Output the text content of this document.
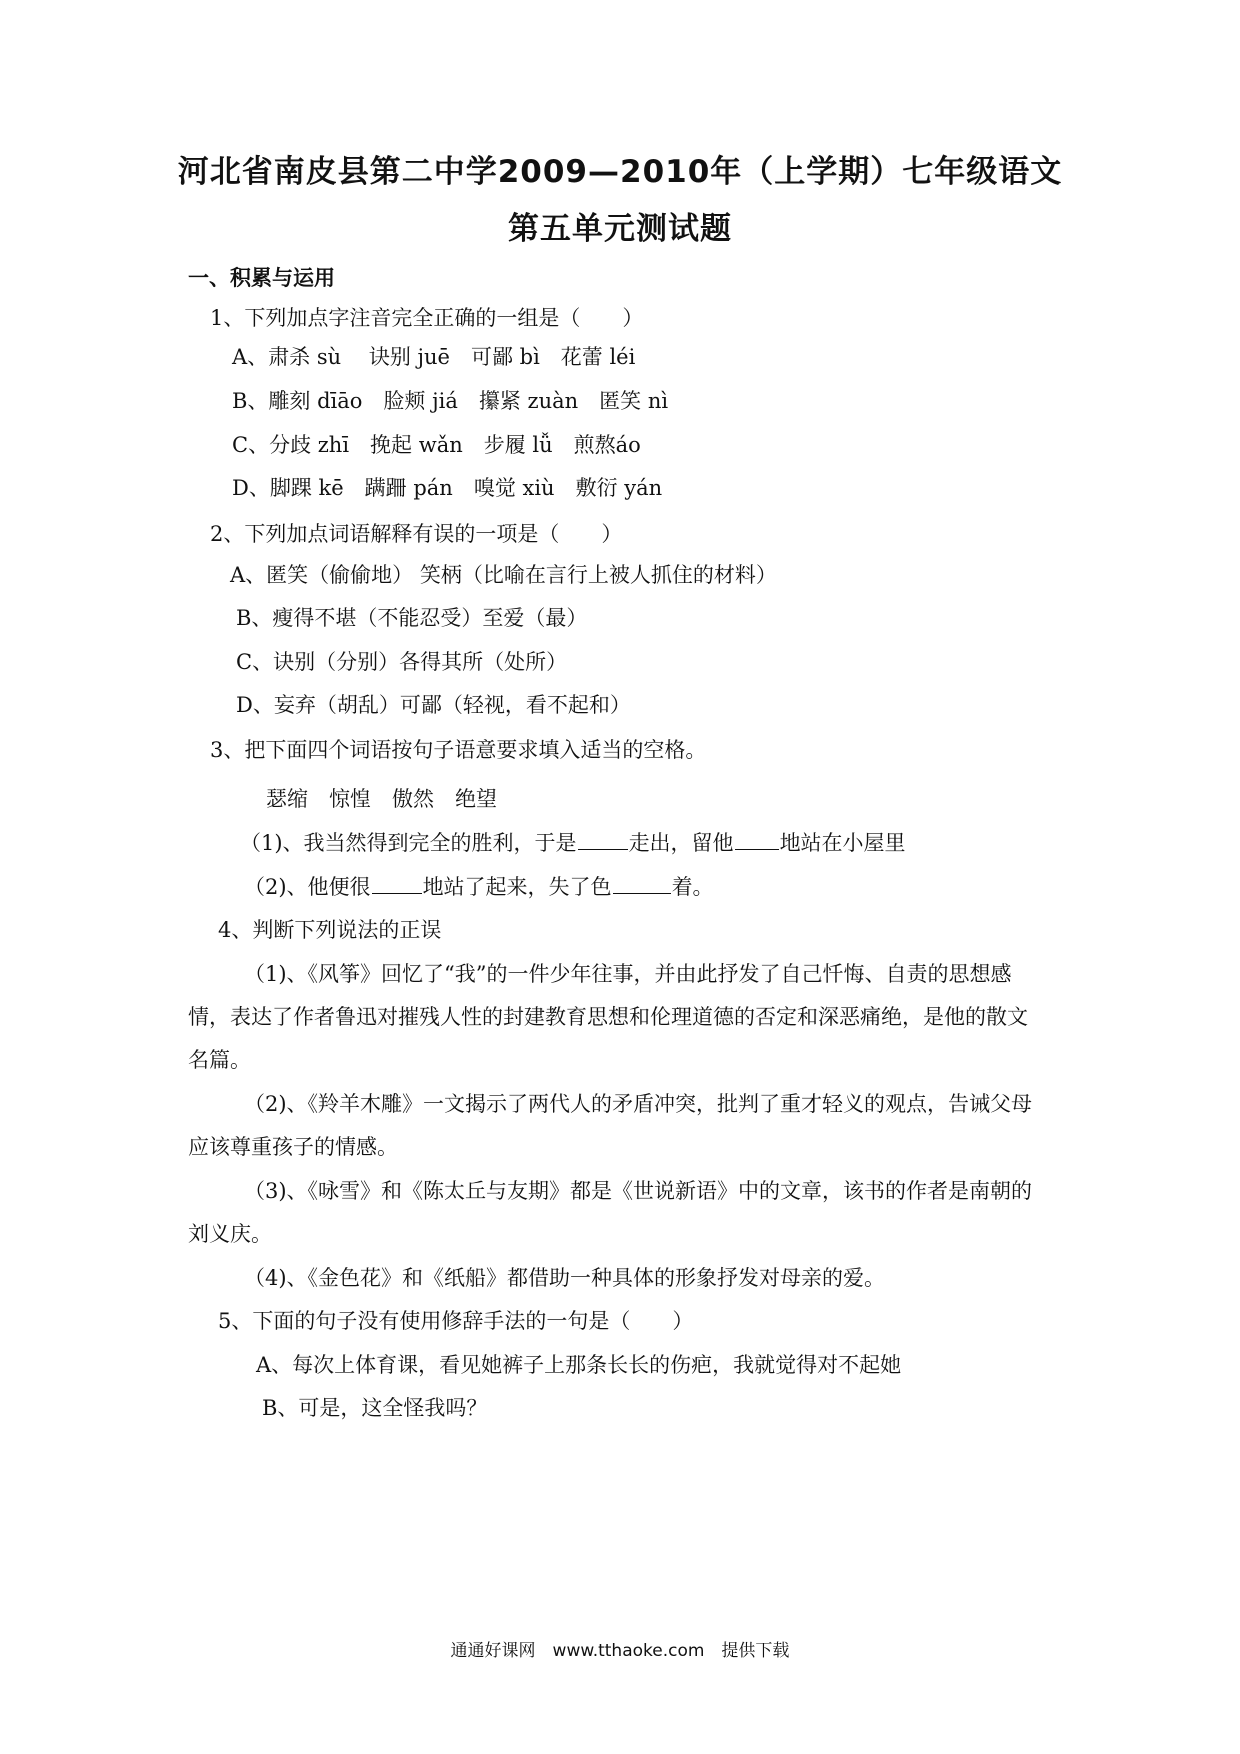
河北省南皮县第二中学2009—2010年（上学期）七年级语文
第五单元测试题
一、积累与运用
1、下列加点字注音完全正确的一组是（　　）
A、肃杀 sù　 诀别 juē　可鄙 bì　花蕾 léi
B、雕刻 dīāo　脸颊 jiá　攥紧 zuàn　匿笑 nì
C、分歧 zhī　挽起 wǎn　步履 lǚ　煎熬áo
D、脚踝 kē　蹒跚 pán　嗅觉 xiù　敷衍 yán
2、下列加点词语解释有误的一项是（　　）
A、匿笑（偷偷地） 笑柄（比喻在言行上被人抓住的材料）
B、瘦得不堪（不能忍受）至爱（最）
C、诀别（分别）各得其所（处所）
D、妄弃（胡乱）可鄙（轻视，看不起和）
3、把下面四个词语按句子语意要求填入适当的空格。
瑟缩　惊惶　傲然　绝望
（1)、我当然得到完全的胜利，于是 走出，留他 地站在小屋里
（2)、他便很 地站了起来，失了色	着。
4、判断下列说法的正误
（1)、《风筝》回忆了“我”的一件少年往事，并由此抒发了自己忏悔、自责的思想感
情，表达了作者鲁迅对摧残人性的封建教育思想和伦理道德的否定和深恶痛绝，是他的散文
名篇。
（2)、《羚羊木雕》一文揭示了两代人的矛盾冲突，批判了重才轻义的观点，告诫父母
应该尊重孩子的情感。
（3)、《咏雪》和《陈太丘与友期》都是《世说新语》中的文章，该书的作者是南朝的
刘义庆。
（4)、《金色花》和《纸船》都借助一种具体的形象抒发对母亲的爱。
5、下面的句子没有使用修辞手法的一句是（　　）
A、每次上体育课，看见她裤子上那条长长的伤疤，我就觉得对不起她
B、可是，这全怪我吗？
通通好课网　www.tthaoke.com　提供下载
